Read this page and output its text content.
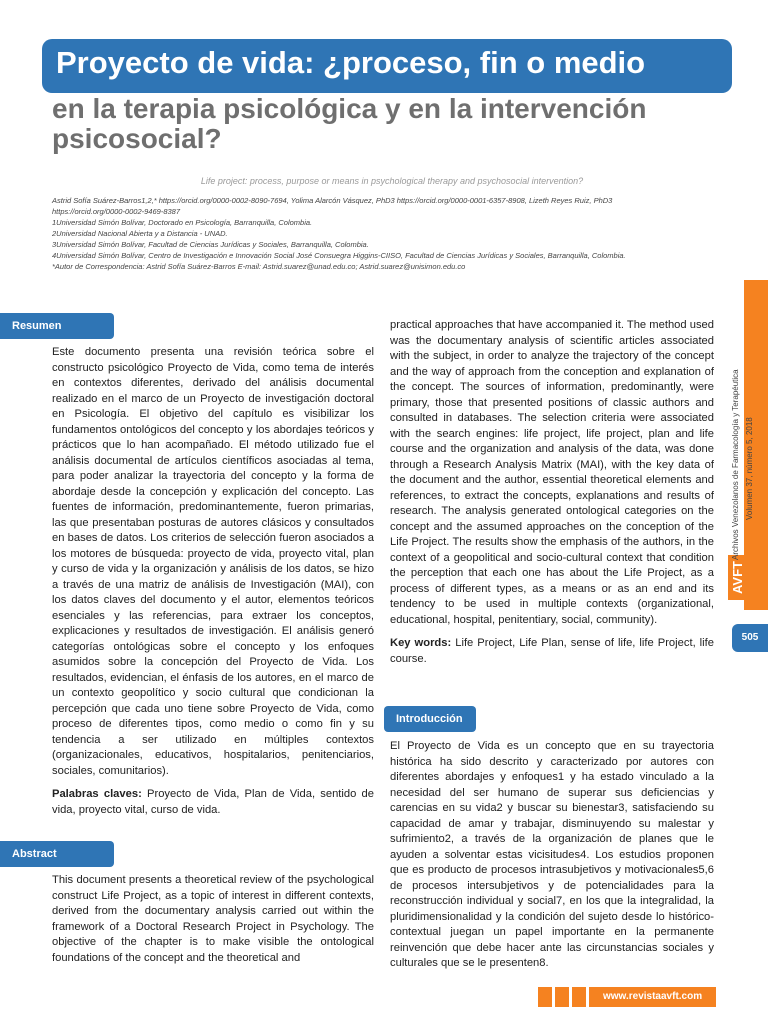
Proyecto de vida: ¿proceso, fin o medio
en la terapia psicológica y en la intervención
psicosocial?
Life project: process, purpose or means in psychological therapy and psychosocial intervention?
Astrid Sofía Suárez-Barros1,2,* https://orcid.org/0000-0002-8090-7694, Yolima Alarcón Vásquez, PhD3 https://orcid.org/0000-0001-6357-8908, Lizeth Reyes Ruiz, PhD3
https://orcid.org/0000-0002-9469-8387
1Universidad Simón Bolívar, Doctorado en Psicología, Barranquilla, Colombia.
2Universidad Nacional Abierta y a Distancia - UNAD.
3Universidad Simón Bolívar, Facultad de Ciencias Jurídicas y Sociales, Barranquilla, Colombia.
4Universidad Simón Bolívar, Centro de Investigación e Innovación Social José Consuegra Higgins-CIISO, Facultad de Ciencias Jurídicas y Sociales, Barranquilla, Colombia.
*Autor de Correspondencia: Astrid Sofía Suárez-Barros E-mail: Astrid.suarez@unad.edu.co; Astrid.suarez@unisimon.edu.co
Resumen

Este documento presenta una revisión teórica sobre el constructo psicológico Proyecto de Vida, como tema de interés en contextos diferentes, derivado del análisis documental realizado en el marco de un Proyecto de investigación doctoral en Psicología. El objetivo del capítulo es visibilizar los fundamentos ontológicos del concepto y los abordajes teóricos y prácticos que lo han acompañado. El método utilizado fue el análisis documental de artículos científicos asociadas al tema, para poder analizar la trayectoria del concepto y la forma de abordaje desde la concepción y explicación del concepto. Las fuentes de información, predominantemente, fueron primarias, las que presentaban posturas de autores clásicos y consultados en bases de datos. Los criterios de selección fueron asociados a los motores de búsqueda: proyecto de vida, proyecto vital, plan y curso de vida y la organización y análisis de los datos, se hizo a través de una matriz de análisis de Investigación (MAI), con los datos claves del documento y el autor, elementos teóricos esenciales y las referencias, para extraer los conceptos, explicaciones y resultados de investigación. El análisis generó categorías ontológicas sobre el concepto y los enfoques asumidos sobre la concepción del Proyecto de Vida. Los resultados, evidencian, el énfasis de los autores, en el marco de un contexto geopolítico y socio cultural que condicionan la percepción que cada uno tiene sobre Proyecto de Vida, como proceso de diferentes tipos, como medio o como fin y su tendencia a ser utilizado en múltiples contextos (organizacionales, educativos, hospitalarios, penitenciarios, sociales, comunitarios).

Palabras claves: Proyecto de Vida, Plan de Vida, sentido de vida, proyecto vital, curso de vida.

Abstract

This document presents a theoretical review of the psychological construct Life Project, as a topic of interest in different contexts, derived from the documentary analysis carried out within the framework of a Doctoral Research Project in Psychology. The objective of the chapter is to make visible the ontological foundations of the concept and the theoretical and

practical approaches that have accompanied it. The method used was the documentary analysis of scientific articles associated with the subject, in order to analyze the trajectory of the concept and the way of approach from the conception and explanation of the concept. The sources of information, predominantly, were primary, those that presented positions of classic authors and consulted in databases. The selection criteria were associated with the search engines: life project, life project, plan and life course and the organization and analysis of the data, was done through a Research Analysis Matrix (MAI), with the key data of the document and the author, essential theoretical elements and references, to extract the concepts, explanations and results of research. The analysis generated ontological categories on the concept and the assumed approaches on the conception of the Life Project. The results show the emphasis of the authors, in the context of a geopolitical and socio-cultural context that condition the perception that each one has about the Life Project, as a process of different types, as a means or as an end and its tendency to be used in multiple contexts (organizational, educational, hospital, penitentiary, social, community).

Key words: Life Project, Life Plan, sense of life, life Project, life course.

Introducción

El Proyecto de Vida es un concepto que en su trayectoria histórica ha sido descrito y caracterizado por autores con diferentes abordajes y enfoques1 y ha estado vinculado a la necesidad del ser humano de superar sus deficiencias y carencias en su vida2 y buscar su bienestar3, satisfaciendo su capacidad de amar y trabajar, disminuyendo su malestar y sufrimiento2, a través de la organización de planes que le ayuden a solventar estas vicisitudes4. Los estudios proponen que es producto de procesos intrasubjetivos y motivacionales5,6 de procesos intersubjetivos y de potencialidades para la reconstrucción individual y social7, en los que la integralidad, la pluridimensionalidad y la condición del sujeto desde lo histórico-contextual juegan un papel importante en la permanente reinvención que debe hacer ante las circunstancias sociales y culturales que se le presenten8.

AVFT
Archivos Venezolanos de Farmacología y Terapéutica Volumen 37, número 5, 2018
505
www.revistaavft.com
